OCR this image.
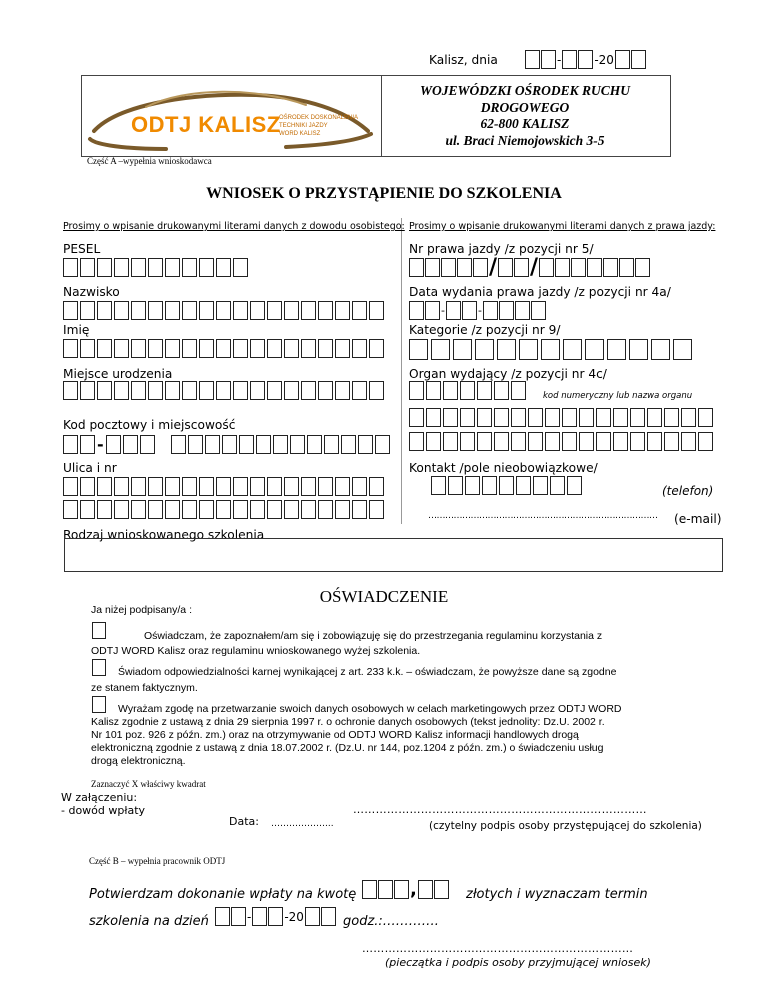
Kalisz, dnia	-	-20
ODTJ KALISZ
OŚRODEK DOSKONALENIA
TECHNIKI JAZDY
WORD KALISZ
WOJEWÓDZKI OŚRODEK RUCHU
DROGOWEGO
62-800 KALISZ
ul. Braci Niemojowskich 3-5
Część A –wypełnia wnioskodawca
WNIOSEK O PRZYSTĄPIENIE DO SZKOLENIA
Prosimy o wpisanie drukowanymi literami danych z dowodu osobistego:
PESEL
Nazwisko
Imię
Miejsce urodzenia
Kod pocztowy i miejscowość
-
Ulica i nr
Prosimy o wpisanie drukowanymi literami danych z prawa jazdy:
Nr prawa jazdy /z pozycji nr 5/
/ /
Data wydania prawa jazdy /z pozycji nr 4a/
-	-
Kategorie /z pozycji nr 9/
Organ wydający /z pozycji nr 4c/
kod numeryczny lub nazwa organu
Kontakt /pole nieobowiązkowe/
(telefon)
……………………………………………………………………… (e-mail)
Rodzaj wnioskowanego szkolenia
OŚWIADCZENIE
Ja niżej podpisany/a :
Oświadczam, że zapoznałem/am się i zobowiązuję się do przestrzegania regulaminu korzystania z
ODTJ WORD Kalisz oraz regulaminu wnioskowanego wyżej szkolenia.
Świadom odpowiedzialności karnej wynikającej z art. 233 k.k. – oświadczam, że powyższe dane są zgodne
ze stanem faktycznym.
Wyrażam zgodę na przetwarzanie swoich danych osobowych w celach marketingowych przez ODTJ WORD
Kalisz zgodnie z ustawą z dnia 29 sierpnia 1997 r. o ochronie danych osobowych (tekst jednolity: Dz.U. 2002 r.
Nr 101 poz. 926 z późn. zm.) oraz na otrzymywanie od ODTJ WORD Kalisz informacji handlowych drogą
elektroniczną zgodnie z ustawą z dnia 18.07.2002 r. (Dz.U. nr 144, poz.1204 z późn. zm.) o świadczeniu usług
drogą elektroniczną.
Zaznaczyć X właściwy kwadrat
W załączeniu:
- dowód wpłaty
Data: ………………...
……………………………………………………………………
(czytelny podpis osoby przystępującej do szkolenia)
Część B – wypełnia pracownik ODTJ
Potwierdzam dokonanie wpłaty na kwotę	,	złotych i wyznaczam termin
szkolenia na dzień	-	-20	godz.:………….
………………………………………………………………
(pieczątka i podpis osoby przyjmującej wniosek)
